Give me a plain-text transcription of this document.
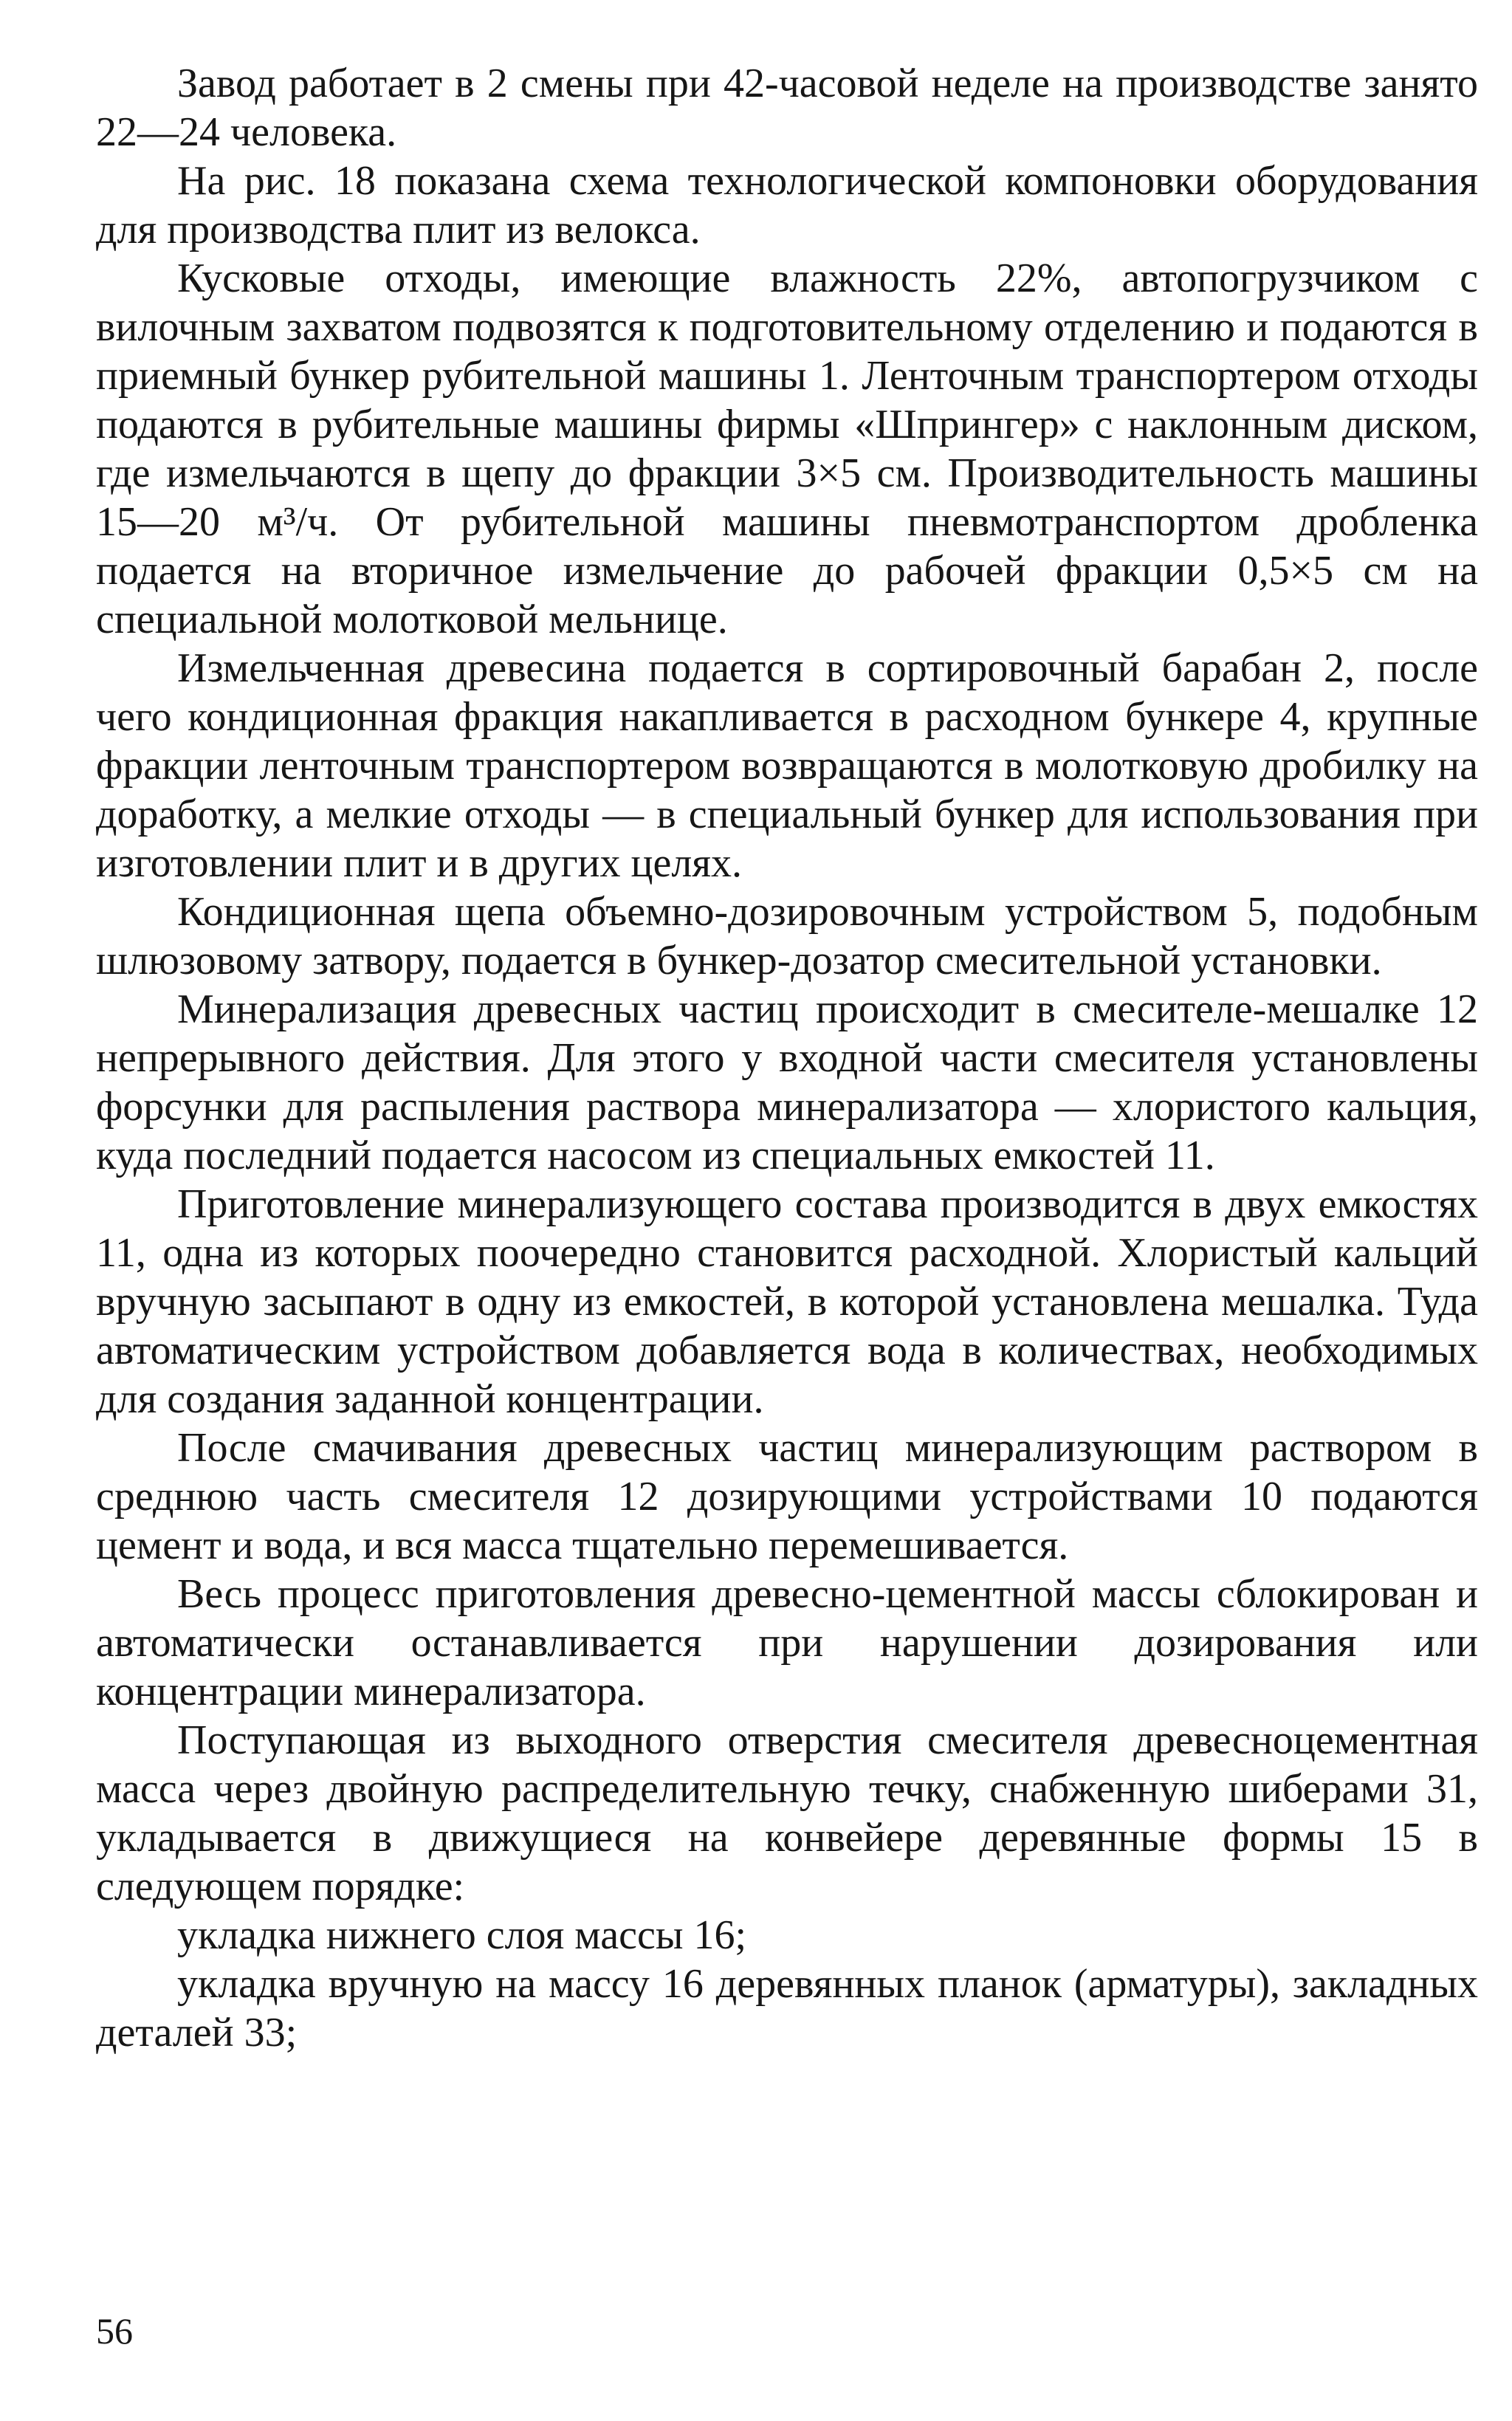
Завод работает в 2 смены при 42-часовой неделе на производстве занято 22—24 человека.

На рис. 18 показана схема технологической компоновки оборудования для производства плит из велокса.

Кусковые отходы, имеющие влажность 22%, автопогрузчиком с вилочным захватом подвозятся к подготовительному отделению и подаются в приемный бункер рубительной машины 1. Ленточным транспортером отходы подаются в рубительные машины фирмы «Шпрингер» с наклонным диском, где измельчаются в щепу до фракции 3×5 см. Производительность машины 15—20 м³/ч. От рубительной машины пневмотранспортом дробленка подается на вторичное измельчение до рабочей фракции 0,5×5 см на специальной молотковой мельнице.

Измельченная древесина подается в сортировочный барабан 2, после чего кондиционная фракция накапливается в расходном бункере 4, крупные фракции ленточным транспортером возвращаются в молотковую дробилку на доработку, а мелкие отходы — в специальный бункер для использования при изготовлении плит и в других целях.

Кондиционная щепа объемно-дозировочным устройством 5, подобным шлюзовому затвору, подается в бункер-дозатор смесительной установки.

Минерализация древесных частиц происходит в смесителе-мешалке 12 непрерывного действия. Для этого у входной части смесителя установлены форсунки для распыления раствора минерализатора — хлористого кальция, куда последний подается насосом из специальных емкостей 11.

Приготовление минерализующего состава производится в двух емкостях 11, одна из которых поочередно становится расходной. Хлористый кальций вручную засыпают в одну из емкостей, в которой установлена мешалка. Туда автоматическим устройством добавляется вода в количествах, необходимых для создания заданной концентрации.

После смачивания древесных частиц минерализующим раствором в среднюю часть смесителя 12 дозирующими устройствами 10 подаются цемент и вода, и вся масса тщательно перемешивается.

Весь процесс приготовления древесно-цементной массы сблокирован и автоматически останавливается при нарушении дозирования или концентрации минерализатора.

Поступающая из выходного отверстия смесителя древесноцементная масса через двойную распределительную течку, снабженную шиберами 31, укладывается в движущиеся на конвейере деревянные формы 15 в следующем порядке:

укладка нижнего слоя массы 16;

укладка вручную на массу 16 деревянных планок (арматуры), закладных деталей 33;

56
